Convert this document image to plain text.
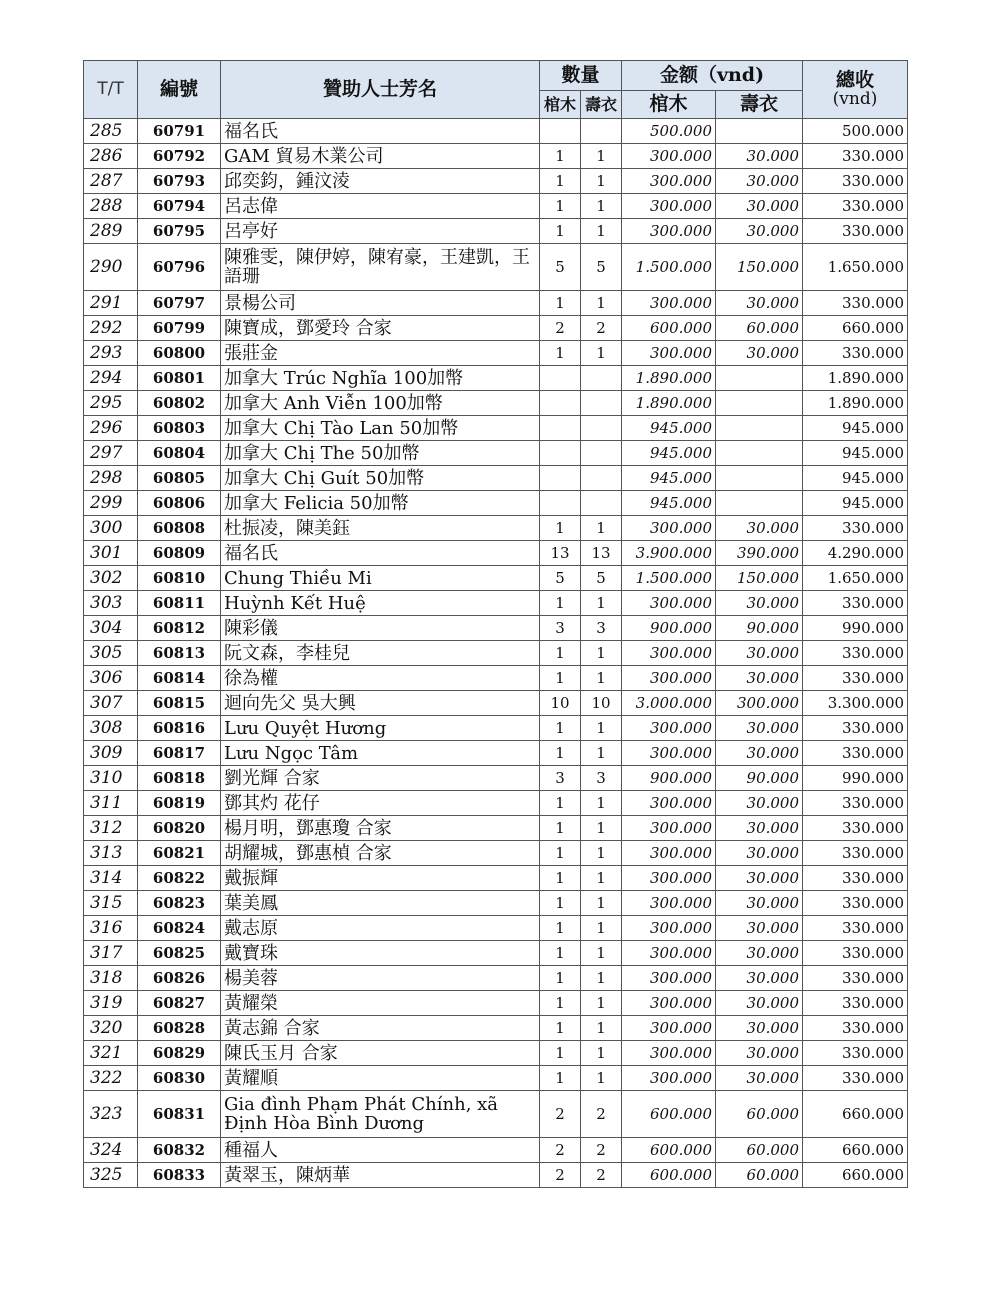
T/T	編號	贊助人士芳名	數量		金额（vnd)		總收
(vnd)

			棺木	壽衣	棺木	壽衣	
285	60791	福名氏			500.000		500.000
286	60792	GAM 貿易木業公司	1	1	300.000	30.000	330.000
287	60793	邱奕鈞，鍾汶淩	1	1	300.000	30.000	330.000
288	60794	呂志偉	1	1	300.000	30.000	330.000
289	60795	呂亭好	1	1	300.000	30.000	330.000
290	60796	陳雅雯，陳伊婷，陳宥豪，王建凱，王語珊	5	5	1.500.000	150.000	1.650.000
291	60797	景楊公司	1	1	300.000	30.000	330.000
292	60799	陳寶成，鄧愛玲 合家	2	2	600.000	60.000	660.000
293	60800	張莊金	1	1	300.000	30.000	330.000
294	60801	加拿大 Trúc Nghĩa 100加幣			1.890.000		1.890.000
295	60802	加拿大 Anh Viễn 100加幣			1.890.000		1.890.000
296	60803	加拿大 Chị Tào Lan 50加幣			945.000		945.000
297	60804	加拿大 Chị The 50加幣			945.000		945.000
298	60805	加拿大 Chị Guít 50加幣			945.000		945.000
299	60806	加拿大 Felicia 50加幣			945.000		945.000
300	60808	杜振凌，陳美鈺	1	1	300.000	30.000	330.000
301	60809	福名氏	13	13	3.900.000	390.000	4.290.000
302	60810	Chung Thiều Mi	5	5	1.500.000	150.000	1.650.000
303	60811	Huỳnh Kết Huệ	1	1	300.000	30.000	330.000
304	60812	陳彩儀	3	3	900.000	90.000	990.000
305	60813	阮文森，李桂兒	1	1	300.000	30.000	330.000
306	60814	徐為權	1	1	300.000	30.000	330.000
307	60815	迴向先父 吳大興	10	10	3.000.000	300.000	3.300.000
308	60816	Lưu Quyệt Hương	1	1	300.000	30.000	330.000
309	60817	Lưu Ngọc Tâm	1	1	300.000	30.000	330.000
310	60818	劉光輝 合家	3	3	900.000	90.000	990.000
311	60819	鄧其灼 花仔	1	1	300.000	30.000	330.000
312	60820	楊月明，鄧惠瓊 合家	1	1	300.000	30.000	330.000
313	60821	胡耀城，鄧惠楨 合家	1	1	300.000	30.000	330.000
314	60822	戴振輝	1	1	300.000	30.000	330.000
315	60823	葉美鳳	1	1	300.000	30.000	330.000
316	60824	戴志原	1	1	300.000	30.000	330.000
317	60825	戴寶珠	1	1	300.000	30.000	330.000
318	60826	楊美蓉	1	1	300.000	30.000	330.000
319	60827	黃耀榮	1	1	300.000	30.000	330.000
320	60828	黃志錦 合家	1	1	300.000	30.000	330.000
321	60829	陳氏玉月 合家	1	1	300.000	30.000	330.000
322	60830	黃耀順	1	1	300.000	30.000	330.000
323	60831	Gia đình Phạm Phát Chính, xã Định Hòa Bình Dương	2	2	600.000	60.000	660.000
324	60832	種福人	2	2	600.000	60.000	660.000
325	60833	黃翠玉，陳炳華	2	2	600.000	60.000	660.000
